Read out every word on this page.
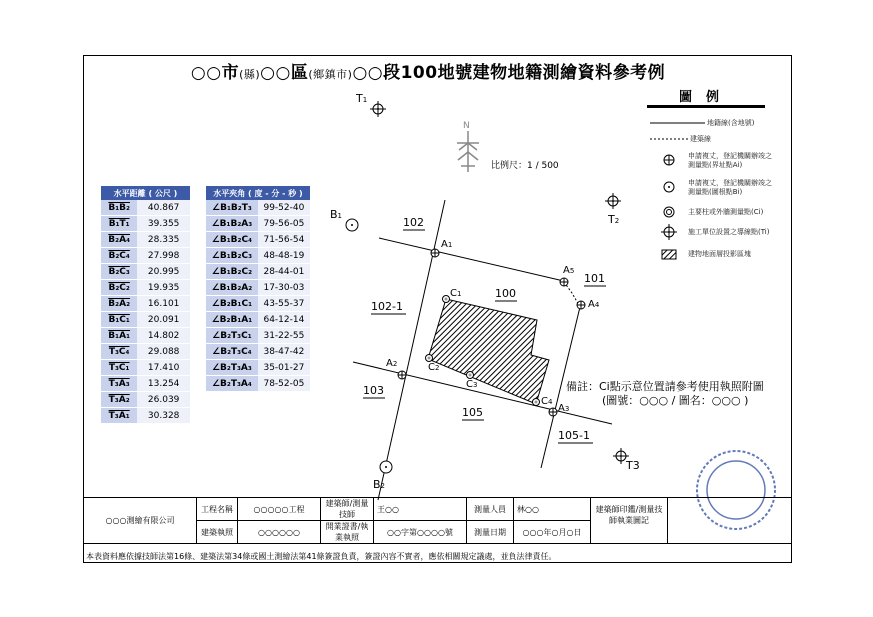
○○市(縣)○○區(鄉鎮市)○○段100地號建物地籍測繪資料參考例
圖例
地籍線(含地號)
建築線
申請複丈，登記機關辦竣之測量點(界址點Ai)
申請複丈，登記機關辦竣之測量點(圖根點Bi)
主要柱或外牆測量點(Ci)
施工單位設置之導線點(Ti)
建物地面層投影區塊
N
比例尺：1 / 500
T1
T2
T3
B1
B2
A1
A2
A3
A4
A5
C1
C2
C3
C4
102
101
100
102-1
103
105
105-1
備註：Ci點示意位置請參考使用執照附圖
(圖號：○○○ / 圖名：○○○ )
水平距離 ( 公尺 )	
B₁B₂	40.867
B₁T₁	39.355
B₂A₄	28.335
B₂C₄	27.998
B₂C₃	20.995
B₂C₂	19.935
B₂A₂	16.101
B₁C₁	20.091
B₁A₁	14.802
T₃C₄	29.088
T₃C₁	17.410
T₃A₃	13.254
T₃A₂	26.039
T₃A₁	30.328
水平夾角 ( 度 - 分 - 秒 )	
∠B₁B₂T₃	99-52-40
∠B₁B₂A₃	79-56-05
∠B₁B₂C₄	71-56-54
∠B₁B₂C₃	48-48-19
∠B₁B₂C₂	28-44-01
∠B₁B₂A₂	17-30-03
∠B₂B₁C₁	43-55-37
∠B₂B₁A₁	64-12-14
∠B₂T₃C₁	31-22-55
∠B₂T₃C₄	38-47-42
∠B₂T₃A₃	35-01-27
∠B₂T₃A₄	78-52-05
○○○測繪有限公司	工程名稱	○○○○○工程	建築師/測量技師	王○○	測量人員	林○○	建築師印鑑/測量技師執業圖記	
	建築執照	○○○○○○	開業證書/執業執照	○○字第○○○○號	測量日期	○○○年○月○日		
本表資料應依據技師法第16條、建築法第34條或國土測繪法第41條簽證負責，簽證內容不實者，應依相關規定議處，並負法律責任。
